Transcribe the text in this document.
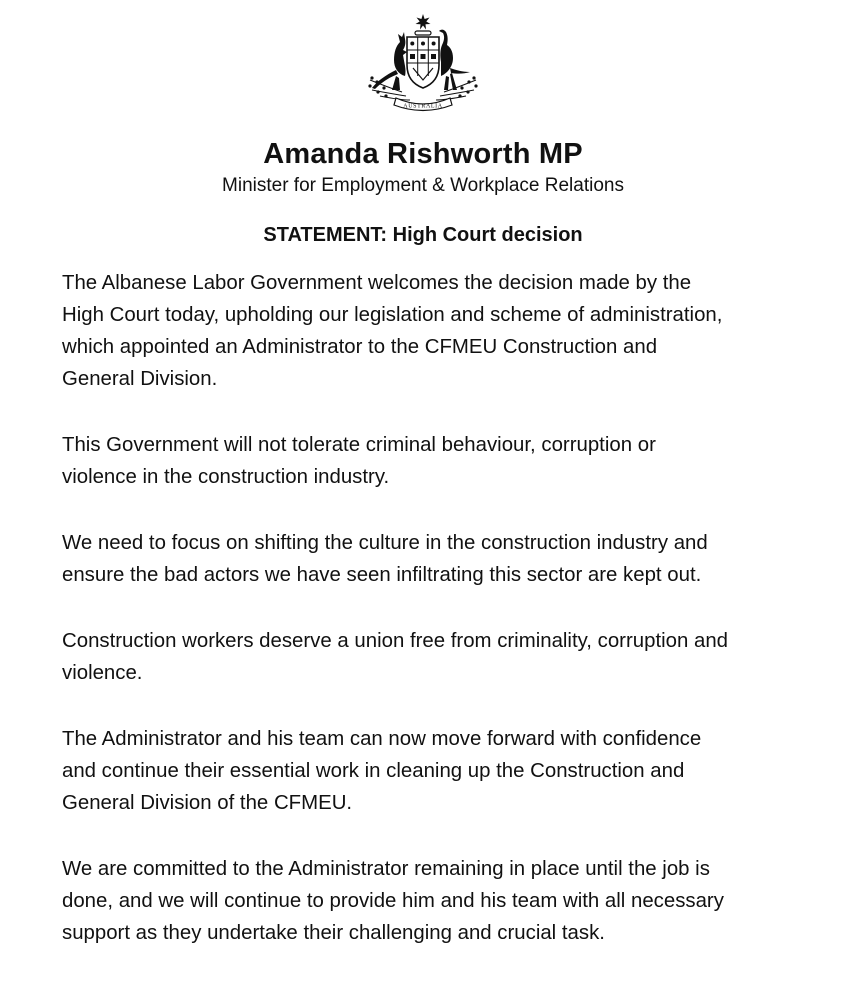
AUSTRALIA
Amanda Rishworth MP
Minister for Employment & Workplace Relations
STATEMENT: High Court decision

The Albanese Labor Government welcomes the decision made by the
High Court today, upholding our legislation and scheme of administration,
which appointed an Administrator to the CFMEU Construction and
General Division.

This Government will not tolerate criminal behaviour, corruption or
violence in the construction industry.

We need to focus on shifting the culture in the construction industry and
ensure the bad actors we have seen infiltrating this sector are kept out.

Construction workers deserve a union free from criminality, corruption and
violence.

The Administrator and his team can now move forward with confidence
and continue their essential work in cleaning up the Construction and
General Division of the CFMEU.

We are committed to the Administrator remaining in place until the job is
done, and we will continue to provide him and his team with all necessary
support as they undertake their challenging and crucial task.
